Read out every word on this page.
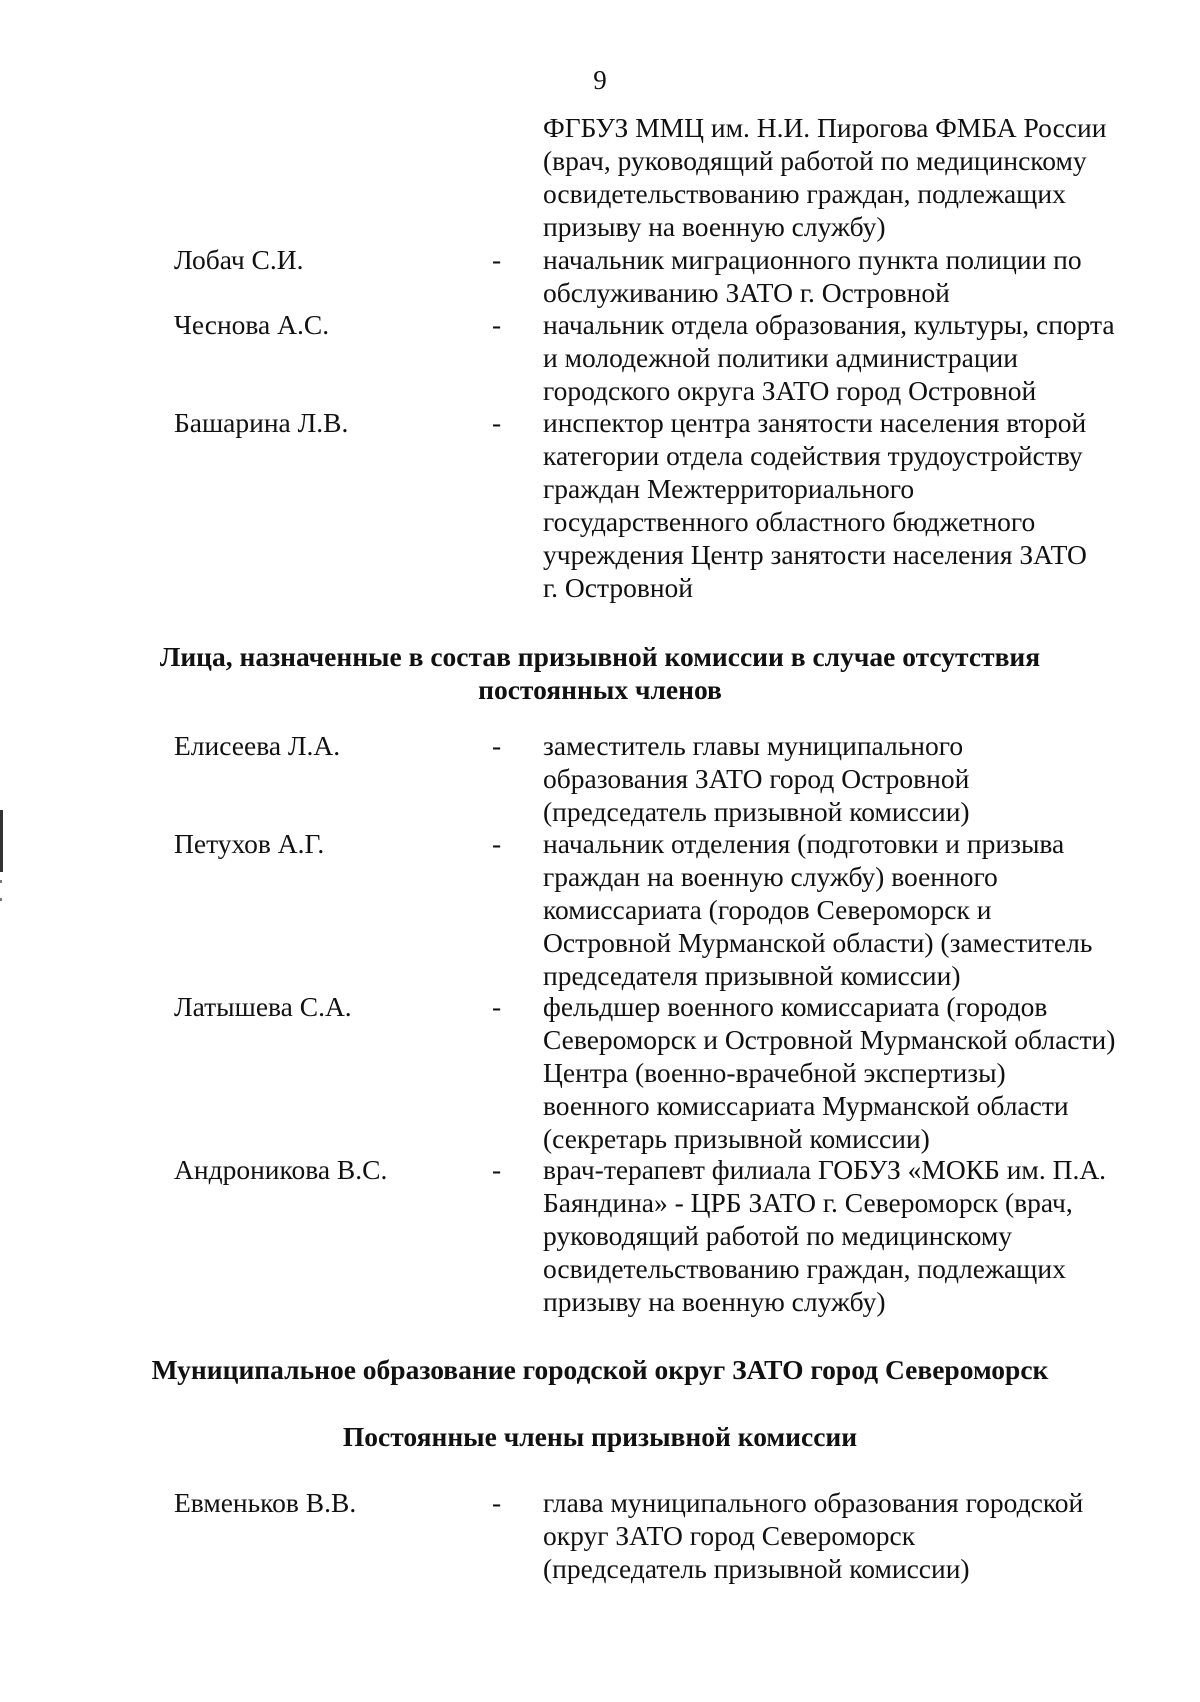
9
ФГБУЗ ММЦ им. Н.И. Пирогова ФМБА России
(врач, руководящий работой по медицинскому
освидетельствованию граждан, подлежащих
призыву на военную службу)
Лобач С.И.	- начальник миграционного пункта полиции по
обслуживанию ЗАТО г. Островной
Чеснова А.С.	- начальник отдела образования, культуры, спорта
и молодежной политики администрации
городского округа ЗАТО город Островной
Башарина Л.В.	- инспектор центра занятости населения второй
категории отдела содействия трудоустройству
граждан Межтерриториального
государственного областного бюджетного
учреждения Центр занятости населения ЗАТО
г. Островной
Лица, назначенные в состав призывной комиссии в случае отсутствия
постоянных членов
Елисеева Л.А.	- заместитель главы муниципального
образования ЗАТО город Островной
(председатель призывной комиссии)
Петухов А.Г.	- начальник отделения (подготовки и призыва
граждан на военную службу) военного
комиссариата (городов Североморск и
Островной Мурманской области) (заместитель
председателя призывной комиссии)
Латышева С.А.	- фельдшер военного комиссариата (городов
Североморск и Островной Мурманской области)
Центра (военно-врачебной экспертизы)
военного комиссариата Мурманской области
(секретарь призывной комиссии)
Андроникова В.С.	- врач-терапевт филиала ГОБУЗ «МОКБ им. П.А.
Баяндина» - ЦРБ ЗАТО г. Североморск (врач,
руководящий работой по медицинскому
освидетельствованию граждан, подлежащих
призыву на военную службу)
Муниципальное образование городской округ ЗАТО город Североморск
Постоянные члены призывной комиссии
Евменьков В.В.	- глава муниципального образования городской
округ ЗАТО город Североморск
(председатель призывной комиссии)
